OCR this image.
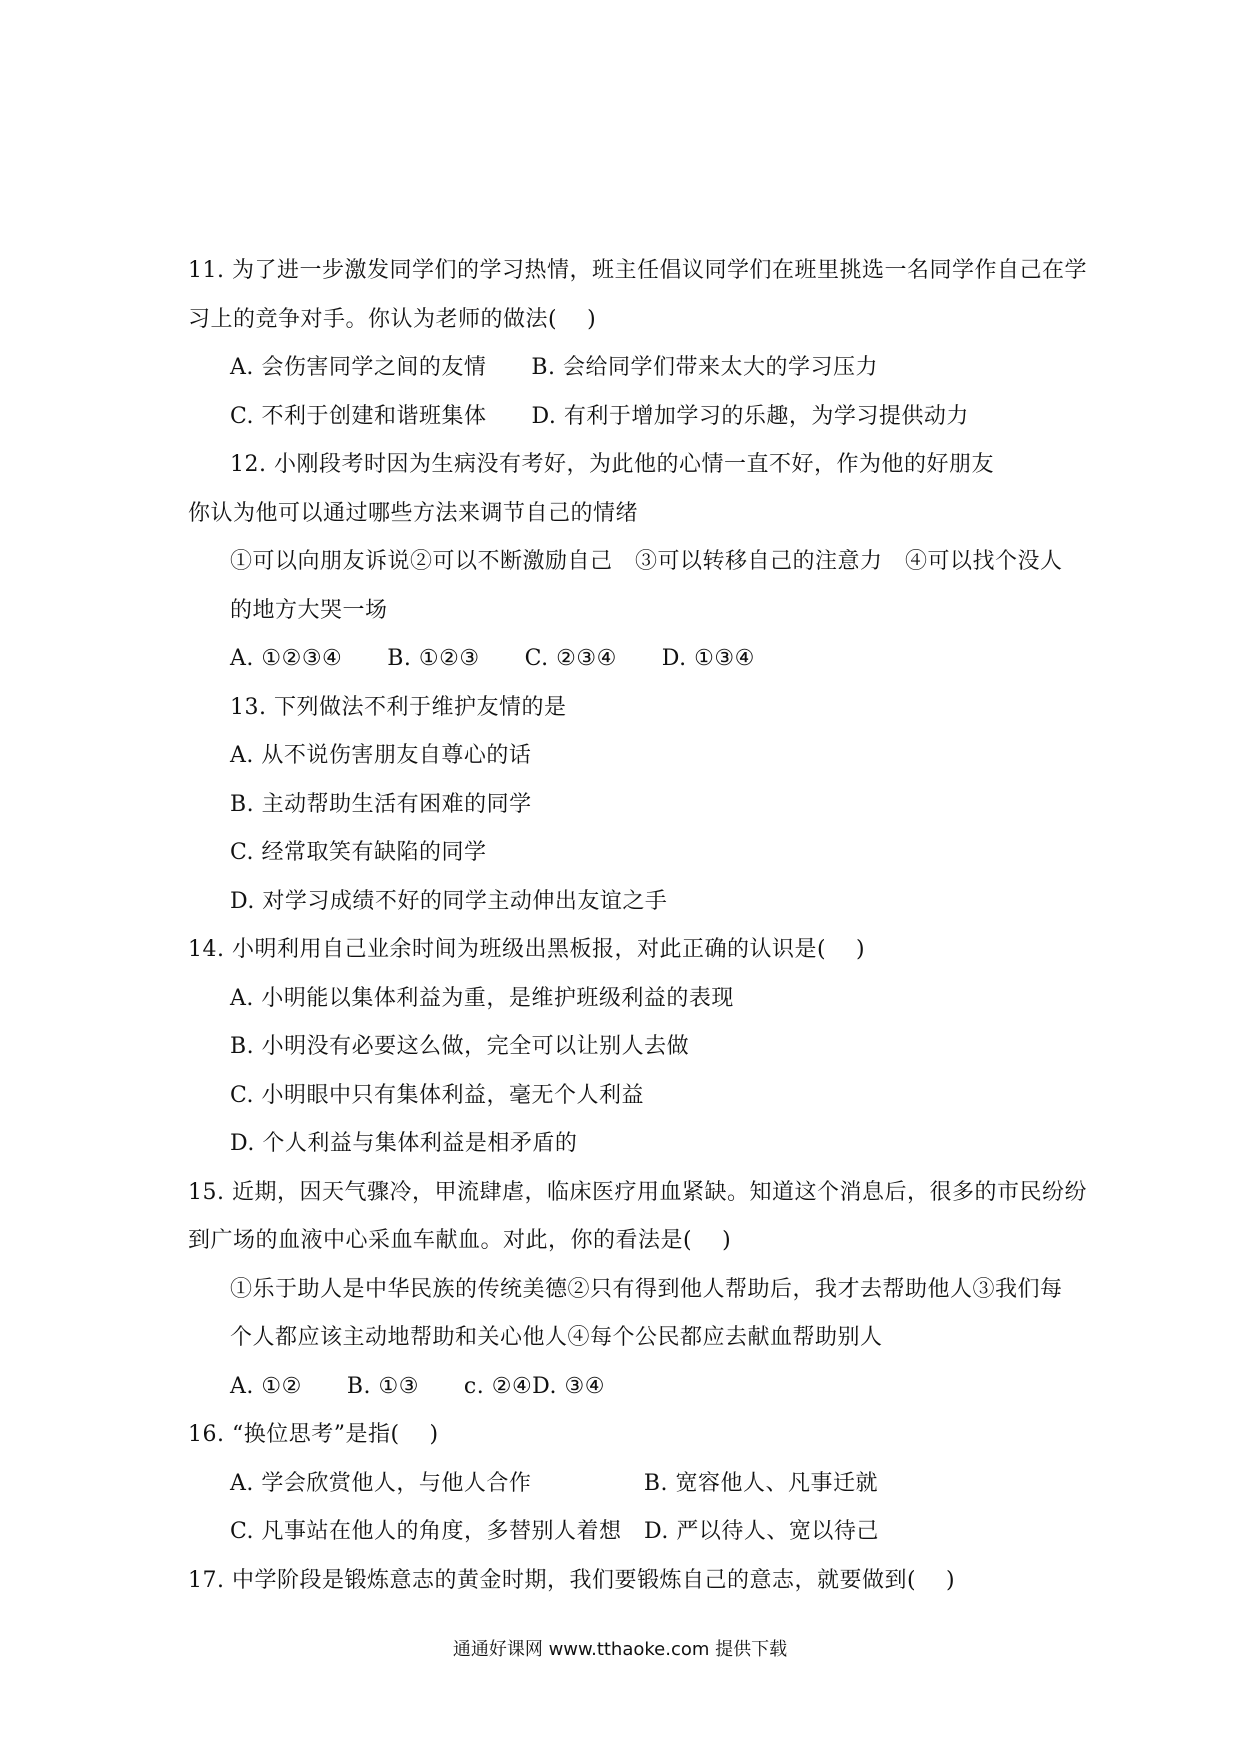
11. 为了进一步激发同学们的学习热情，班主任倡议同学们在班里挑选一名同学作自己在学
习上的竞争对手。你认为老师的做法(　 )
A. 会伤害同学之间的友情　　B. 会给同学们带来太大的学习压力
C. 不利于创建和谐班集体　　D. 有利于增加学习的乐趣，为学习提供动力
12. 小刚段考时因为生病没有考好，为此他的心情一直不好，作为他的好朋友
你认为他可以通过哪些方法来调节自己的情绪
①可以向朋友诉说②可以不断激励自己　③可以转移自己的注意力　④可以找个没人
的地方大哭一场
A. ①②③④　　B. ①②③　　C. ②③④　　D. ①③④
13. 下列做法不利于维护友情的是
A. 从不说伤害朋友自尊心的话
B. 主动帮助生活有困难的同学
C. 经常取笑有缺陷的同学
D. 对学习成绩不好的同学主动伸出友谊之手
14. 小明利用自己业余时间为班级出黑板报，对此正确的认识是(　 )
A. 小明能以集体利益为重，是维护班级利益的表现
B. 小明没有必要这么做，完全可以让别人去做
C. 小明眼中只有集体利益，毫无个人利益
D. 个人利益与集体利益是相矛盾的
15. 近期，因天气骤冷，甲流肆虐，临床医疗用血紧缺。知道这个消息后，很多的市民纷纷
到广场的血液中心采血车献血。对此，你的看法是(　 )
①乐于助人是中华民族的传统美德②只有得到他人帮助后，我才去帮助他人③我们每
个人都应该主动地帮助和关心他人④每个公民都应去献血帮助别人
A. ①②　　B. ①③　　c. ②④D. ③④
16. “换位思考”是指(　 )
A. 学会欣赏他人，与他人合作　　　　　B. 宽容他人、凡事迁就
C. 凡事站在他人的角度，多替别人着想　D. 严以待人、宽以待己
17. 中学阶段是锻炼意志的黄金时期，我们要锻炼自己的意志，就要做到(　 )
通通好课网 www.tthaoke.com 提供下载
